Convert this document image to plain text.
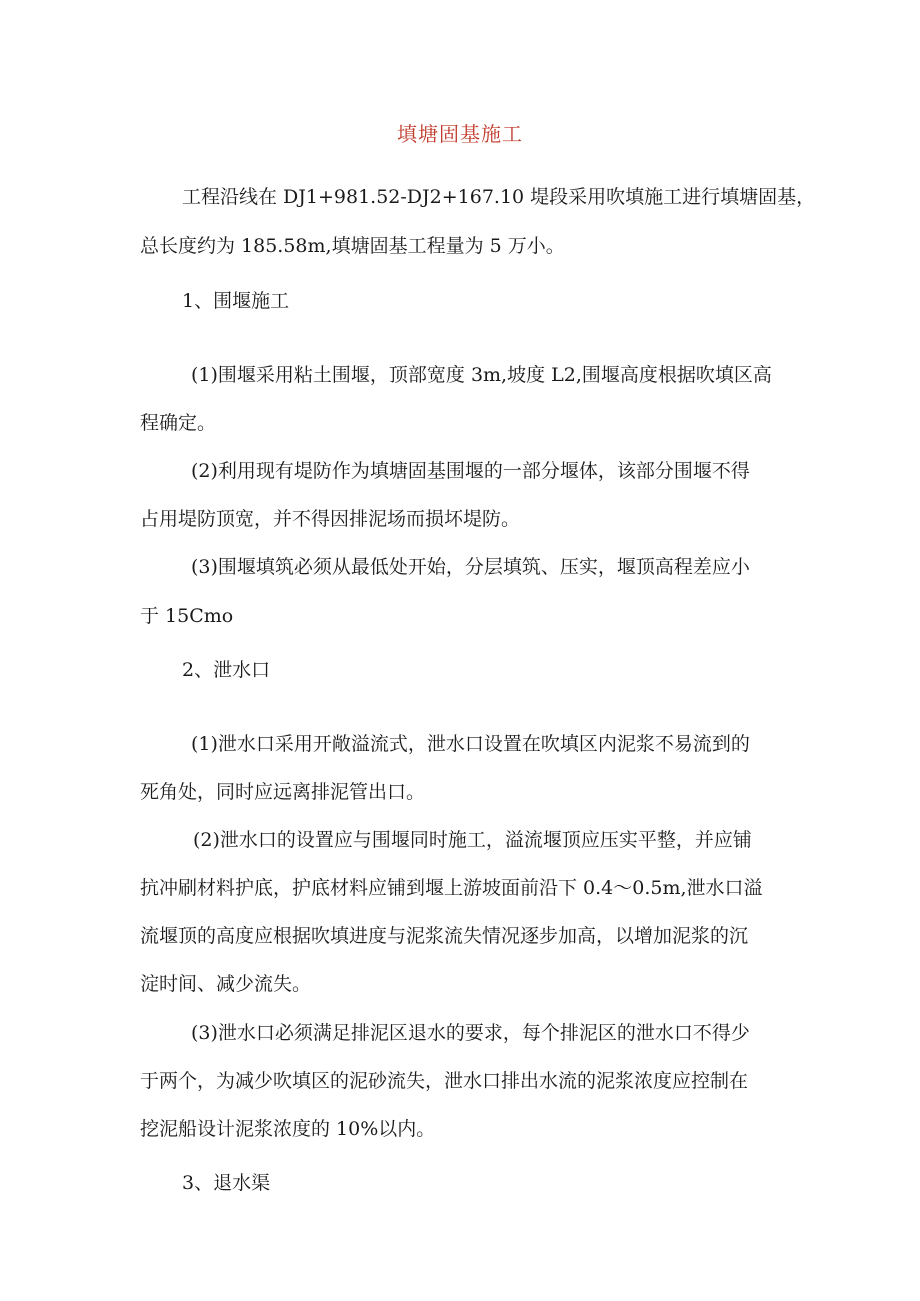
填塘固基施工
工程沿线在 DJ1+981.52-DJ2+167.10 堤段采用吹填施工进行填塘固基，
总长度约为 185.58m,填塘固基工程量为 5 万小。
1、围堰施工
(1)围堰采用粘土围堰，顶部宽度 3m,坡度 L2,围堰高度根据吹填区高
程确定。
(2)利用现有堤防作为填塘固基围堰的一部分堰体，该部分围堰不得
占用堤防顶宽，并不得因排泥场而损坏堤防。
(3)围堰填筑必须从最低处开始，分层填筑、压实，堰顶高程差应小
于 15Cmo
2、泄水口
(1)泄水口采用开敞溢流式，泄水口设置在吹填区内泥浆不易流到的
死角处，同时应远离排泥管出口。
(2)泄水口的设置应与围堰同时施工，溢流堰顶应压实平整，并应铺
抗冲刷材料护底，护底材料应铺到堰上游坡面前沿下 0.4～0.5m,泄水口溢
流堰顶的高度应根据吹填进度与泥浆流失情况逐步加高，以增加泥浆的沉
淀时间、减少流失。
(3)泄水口必须满足排泥区退水的要求，每个排泥区的泄水口不得少
于两个，为减少吹填区的泥砂流失，泄水口排出水流的泥浆浓度应控制在
挖泥船设计泥浆浓度的 10%以内。
3、退水渠
